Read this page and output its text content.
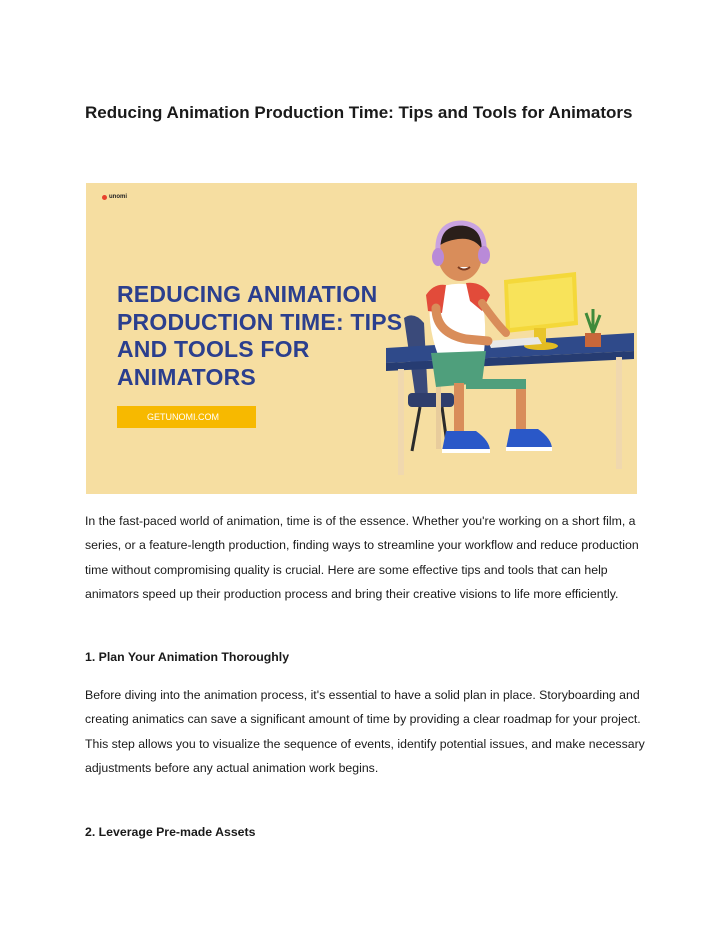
Reducing Animation Production Time: Tips and Tools for Animators
unomi
REDUCING ANIMATION PRODUCTION TIME: TIPS AND TOOLS FOR ANIMATORS
GETUNOMI.COM

In the fast-paced world of animation, time is of the essence. Whether you're working on a short film, a series, or a feature-length production, finding ways to streamline your workflow and reduce production time without compromising quality is crucial. Here are some effective tips and tools that can help animators speed up their production process and bring their creative visions to life more efficiently.

1. Plan Your Animation Thoroughly

Before diving into the animation process, it's essential to have a solid plan in place. Storyboarding and creating animatics can save a significant amount of time by providing a clear roadmap for your project. This step allows you to visualize the sequence of events, identify potential issues, and make necessary adjustments before any actual animation work begins.

2. Leverage Pre-made Assets
